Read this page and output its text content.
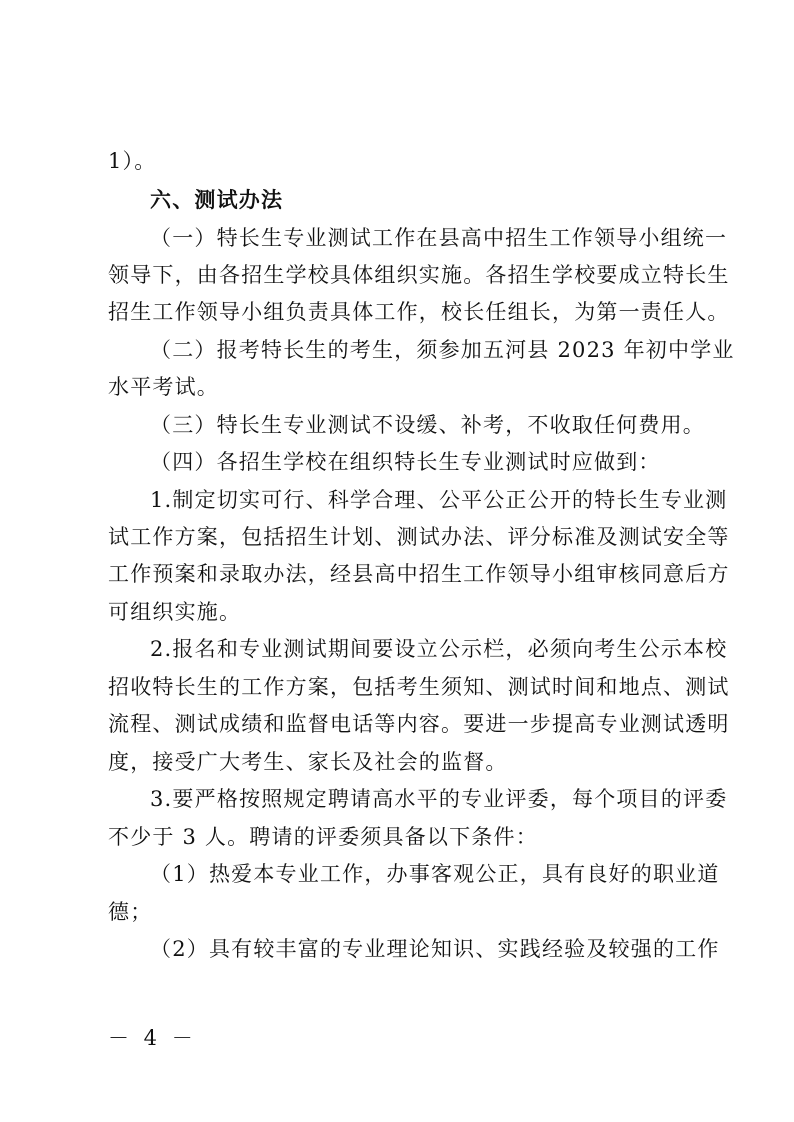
1）。
六、测试办法
（一）特长生专业测试工作在县高中招生工作领导小组统一
领导下，由各招生学校具体组织实施。各招生学校要成立特长生
招生工作领导小组负责具体工作，校长任组长，为第一责任人。
（二）报考特长生的考生，须参加五河县 2023 年初中学业
水平考试。
（三）特长生专业测试不设缓、补考，不收取任何费用。
（四）各招生学校在组织特长生专业测试时应做到：
1.制定切实可行、科学合理、公平公正公开的特长生专业测
试工作方案，包括招生计划、测试办法、评分标准及测试安全等
工作预案和录取办法，经县高中招生工作领导小组审核同意后方
可组织实施。
2.报名和专业测试期间要设立公示栏，必须向考生公示本校
招收特长生的工作方案，包括考生须知、测试时间和地点、测试
流程、测试成绩和监督电话等内容。要进一步提高专业测试透明
度，接受广大考生、家长及社会的监督。
3.要严格按照规定聘请高水平的专业评委，每个项目的评委
不少于 3 人。聘请的评委须具备以下条件：
（1）热爱本专业工作，办事客观公正，具有良好的职业道
德；
（2）具有较丰富的专业理论知识、实践经验及较强的工作
－ 4 －
